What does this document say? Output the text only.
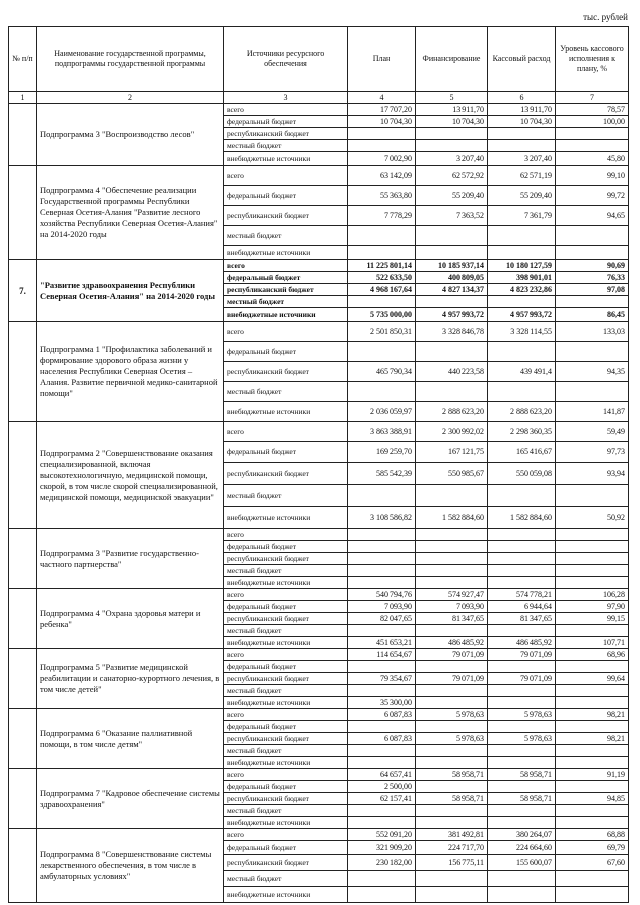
тыс. рублей
№ п/п	Наименование государственной программы, подпрограммы государственной программы	Источники ресурсного обеспечения	План	Финансирование	Кассовый расход	Уровень кассового исполнения к плану, %
1	2	3	4	5	6	7
	Подпрограмма 3 "Воспроизводство лесов"	всего	17 707,20	13 911,70	13 911,70	78,57
		федеральный бюджет	10 704,30	10 704,30	10 704,30	100,00
		республиканский бюджет				
		местный бюджет				
		внебюджетные источники	7 002,90	3 207,40	3 207,40	45,80
	Подпрограмма 4 "Обеспечение реализации Государственной программы Республики Северная Осетия-Алания "Развитие лесного хозяйства Республики Северная Осетия-Алания" на 2014-2020 годы	всего	63 142,09	62 572,92	62 571,19	99,10
		федеральный бюджет	55 363,80	55 209,40	55 209,40	99,72
		республиканский бюджет	7 778,29	7 363,52	7 361,79	94,65
		местный бюджет				
		внебюджетные источники				
7.	"Развитие здравоохранения Республики Северная Осетия-Алания" на 2014-2020 годы	всего	11 225 801,14	10 185 937,14	10 180 127,59	90,69
		федеральный бюджет	522 633,50	400 809,05	398 901,01	76,33
		республиканский бюджет	4 968 167,64	4 827 134,37	4 823 232,86	97,08
		местный бюджет				
		внебюджетные источники	5 735 000,00	4 957 993,72	4 957 993,72	86,45
	Подпрограмма 1 "Профилактика заболеваний и формирование здорового образа жизни у населения Республики Северная Осетия – Алания. Развитие первичной медико-санитарной помощи"	всего	2 501 850,31	3 328 846,78	3 328 114,55	133,03
		федеральный бюджет				
		республиканский бюджет	465 790,34	440 223,58	439 491,4	94,35
		местный бюджет				
		внебюджетные источники	2 036 059,97	2 888 623,20	2 888 623,20	141,87
	Подпрограмма 2 "Совершенствование оказания специализированной, включая высокотехнологичную, медицинской помощи, скорой, в том числе скорой специализированной, медицинской помощи, медицинской эвакуации"	всего	3 863 388,91	2 300 992,02	2 298 360,35	59,49
		федеральный бюджет	169 259,70	167 121,75	165 416,67	97,73
		республиканский бюджет	585 542,39	550 985,67	550 059,08	93,94
		местный бюджет				
		внебюджетные источники	3 108 586,82	1 582 884,60	1 582 884,60	50,92
	Подпрограмма 3 "Развитие государственно-частного партнерства"	всего				
		федеральный бюджет				
		республиканский бюджет				
		местный бюджет				
		внебюджетные источники				
	Подпрограмма 4 "Охрана здоровья матери и ребенка"	всего	540 794,76	574 927,47	574 778,21	106,28
		федеральный бюджет	7 093,90	7 093,90	6 944,64	97,90
		республиканский бюджет	82 047,65	81 347,65	81 347,65	99,15
		местный бюджет				
		внебюджетные источники	451 653,21	486 485,92	486 485,92	107,71
	Подпрограмма 5 "Развитие медицинской реабилитации и санаторно-курортного лечения, в том числе детей"	всего	114 654,67	79 071,09	79 071,09	68,96
		федеральный бюджет				
		республиканский бюджет	79 354,67	79 071,09	79 071,09	99,64
		местный бюджет				
		внебюджетные источники	35 300,00			
	Подпрограмма 6 "Оказание паллиативной помощи, в том числе детям"	всего	6 087,83	5 978,63	5 978,63	98,21
		федеральный бюджет				
		республиканский бюджет	6 087,83	5 978,63	5 978,63	98,21
		местный бюджет				
		внебюджетные источники				
	Подпрограмма 7 "Кадровое обеспечение системы здравоохранения"	всего	64 657,41	58 958,71	58 958,71	91,19
		федеральный бюджет	2 500,00			
		республиканский бюджет	62 157,41	58 958,71	58 958,71	94,85
		местный бюджет				
		внебюджетные источники				
	Подпрограмма 8 "Совершенствование системы лекарственного обеспечения, в том числе в амбулаторных условиях"	всего	552 091,20	381 492,81	380 264,07	68,88
		федеральный бюджет	321 909,20	224 717,70	224 664,60	69,79
		республиканский бюджет	230 182,00	156 775,11	155 600,07	67,60
		местный бюджет				
		внебюджетные источники				
